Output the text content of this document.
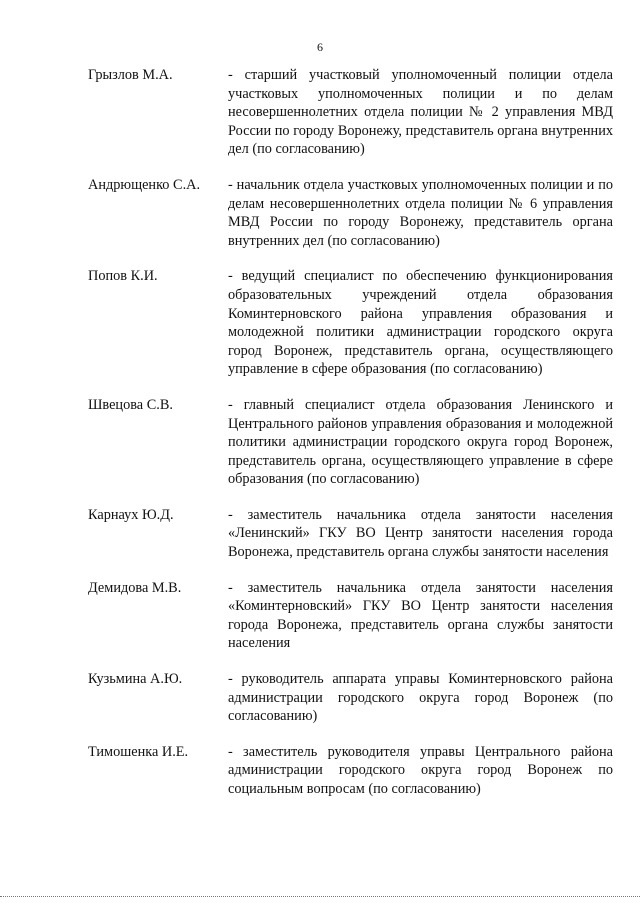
6
Грызлов М.А.	- старший участковый уполномоченный полиции отдела участковых уполномоченных полиции и по делам несовершеннолетних отдела полиции № 2 управления МВД России по городу Воронежу, представитель органа внутренних дел (по согласованию)
Андрющенко С.А.	- начальник отдела участковых уполномоченных полиции и по делам несовершеннолетних отдела полиции № 6 управления МВД России по городу Воронежу, представитель органа внутренних дел (по согласованию)
Попов К.И.	- ведущий специалист по обеспечению функционирования образовательных учреждений отдела образования Коминтерновского района управления образования и молодежной политики администрации городского округа город Воронеж, представитель органа, осуществляющего управление в сфере образования (по согласованию)
Швецова С.В.	- главный специалист отдела образования Ленинского и Центрального районов управления образования и молодежной политики администрации городского округа город Воронеж, представитель органа, осуществляющего управление в сфере образования (по согласованию)
Карнаух Ю.Д.	- заместитель начальника отдела занятости населения «Ленинский» ГКУ ВО Центр занятости населения города Воронежа, представитель органа службы занятости населения
Демидова М.В.	- заместитель начальника отдела занятости населения «Коминтерновский» ГКУ ВО Центр занятости населения города Воронежа, представитель органа службы занятости населения
Кузьмина А.Ю.	- руководитель аппарата управы Коминтерновского района администрации городского округа город Воронеж (по согласованию)
Тимошенка И.Е.	- заместитель руководителя управы Центрального района администрации городского округа город Воронеж по социальным вопросам (по согласованию)
